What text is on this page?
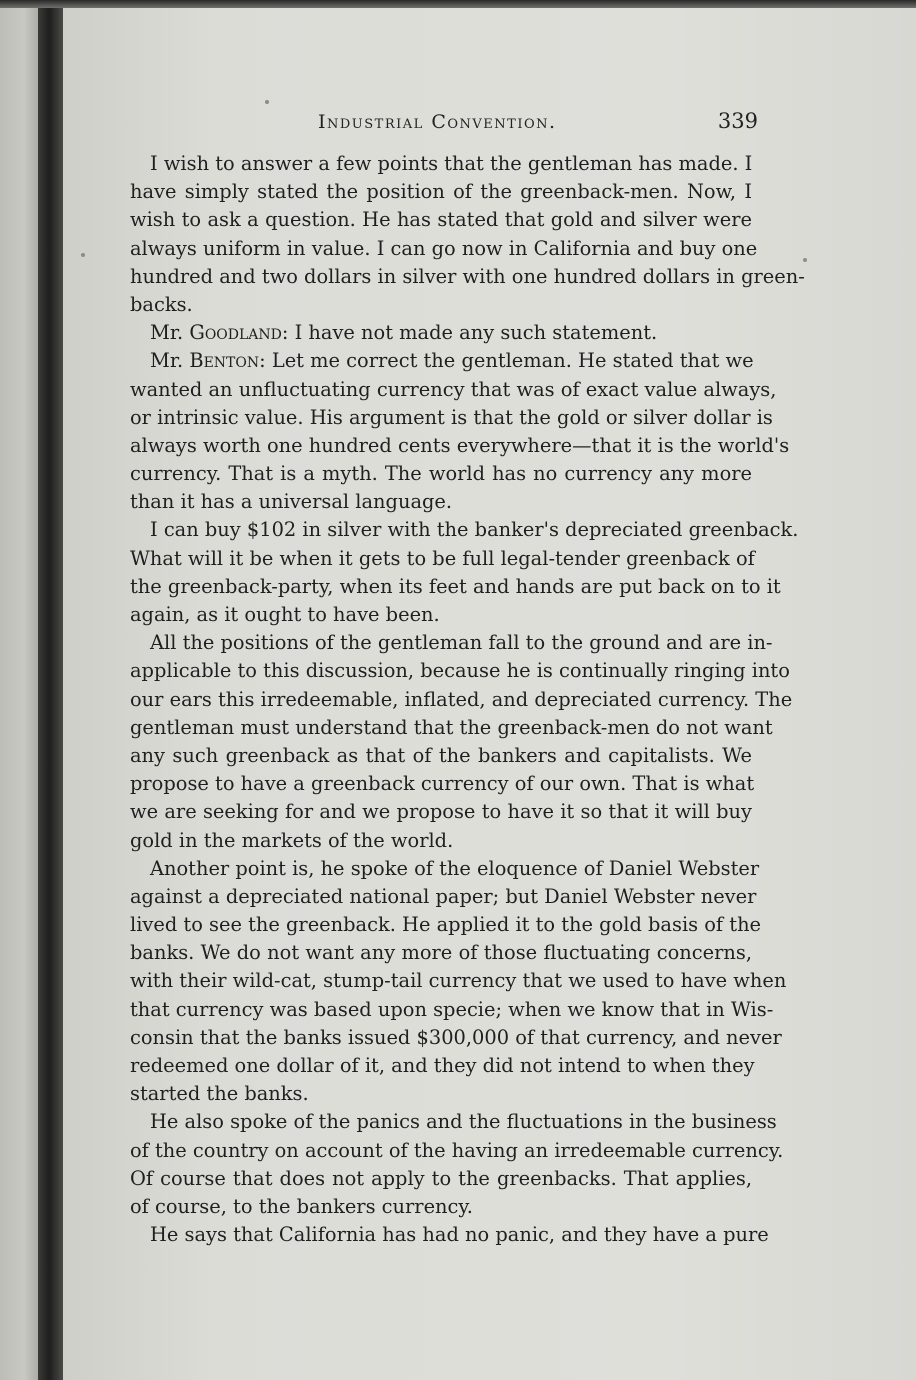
Industrial Convention.	339
I wish to answer a few points that the gentleman has made. I
have simply stated the position of the greenback-men. Now, I
wish to ask a question. He has stated that gold and silver were
always uniform in value. I can go now in California and buy one
hundred and two dollars in silver with one hundred dollars in green-
backs.
Mr. Goodland: I have not made any such statement.
Mr. Benton: Let me correct the gentleman. He stated that we
wanted an unfluctuating currency that was of exact value always,
or intrinsic value. His argument is that the gold or silver dollar is
always worth one hundred cents everywhere—that it is the world's
currency. That is a myth. The world has no currency any more
than it has a universal language.
I can buy $102 in silver with the banker's depreciated greenback.
What will it be when it gets to be full legal-tender greenback of
the greenback-party, when its feet and hands are put back on to it
again, as it ought to have been.
All the positions of the gentleman fall to the ground and are in-
applicable to this discussion, because he is continually ringing into
our ears this irredeemable, inflated, and depreciated currency. The
gentleman must understand that the greenback-men do not want
any such greenback as that of the bankers and capitalists. We
propose to have a greenback currency of our own. That is what
we are seeking for and we propose to have it so that it will buy
gold in the markets of the world.
Another point is, he spoke of the eloquence of Daniel Webster
against a depreciated national paper; but Daniel Webster never
lived to see the greenback. He applied it to the gold basis of the
banks. We do not want any more of those fluctuating concerns,
with their wild-cat, stump-tail currency that we used to have when
that currency was based upon specie; when we know that in Wis-
consin that the banks issued $300,000 of that currency, and never
redeemed one dollar of it, and they did not intend to when they
started the banks.
He also spoke of the panics and the fluctuations in the business
of the country on account of the having an irredeemable currency.
Of course that does not apply to the greenbacks. That applies,
of course, to the bankers currency.
He says that California has had no panic, and they have a pure
